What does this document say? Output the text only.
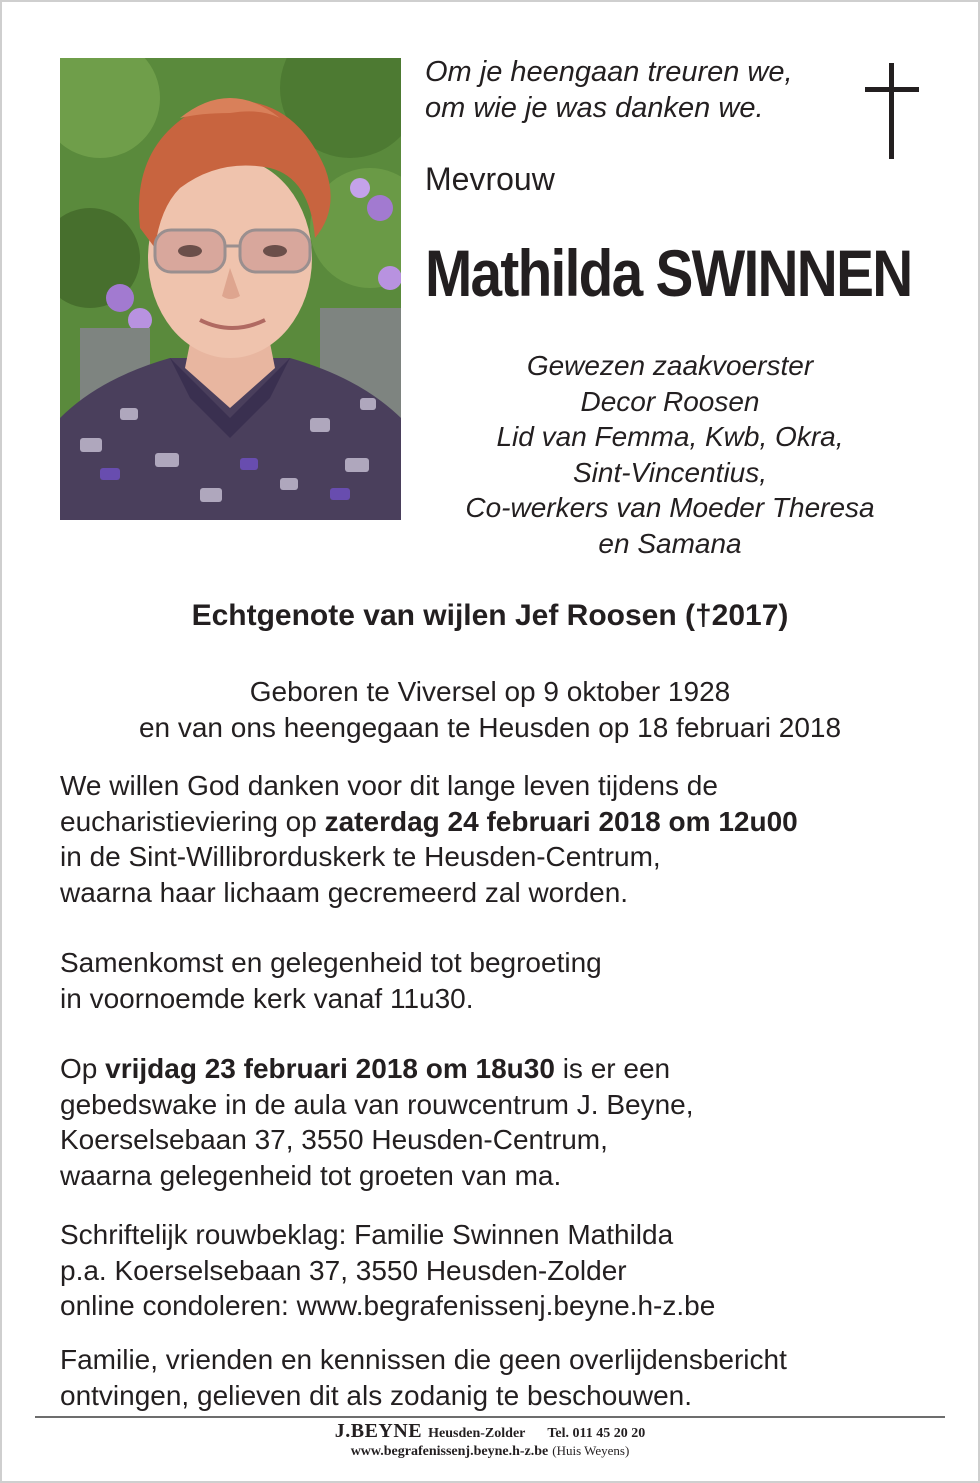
Om je heengaan treuren we,
om wie je was danken we.
Mevrouw
Mathilda SWINNEN
Gewezen zaakvoerster
Decor Roosen
Lid van Femma, Kwb, Okra,
Sint-Vincentius,
Co-werkers van Moeder Theresa
en Samana
Echtgenote van wijlen Jef Roosen (†2017)
Geboren te Viversel op 9 oktober 1928
en van ons heengegaan te Heusden op 18 februari 2018
We willen God danken voor dit lange leven tijdens de
eucharistieviering op zaterdag 24 februari 2018 om 12u00
in de Sint-Willibrorduskerk te Heusden-Centrum,
waarna haar lichaam gecremeerd zal worden.
Samenkomst en gelegenheid tot begroeting
in voornoemde kerk vanaf 11u30.
Op vrijdag 23 februari 2018 om 18u30 is er een
gebedswake in de aula van rouwcentrum J. Beyne,
Koerselsebaan 37, 3550 Heusden-Centrum,
waarna gelegenheid tot groeten van ma.
Schriftelijk rouwbeklag: Familie Swinnen Mathilda
p.a. Koerselsebaan 37, 3550 Heusden-Zolder
online condoleren: www.begrafenissenj.beyne.h-z.be
Familie, vrienden en kennissen die geen overlijdensbericht
ontvingen, gelieven dit als zodanig te beschouwen.
J.BEYNE Heusden-Zolder Tel. 011 45 20 20
www.begrafenissenj.beyne.h-z.be (Huis Weyens)
